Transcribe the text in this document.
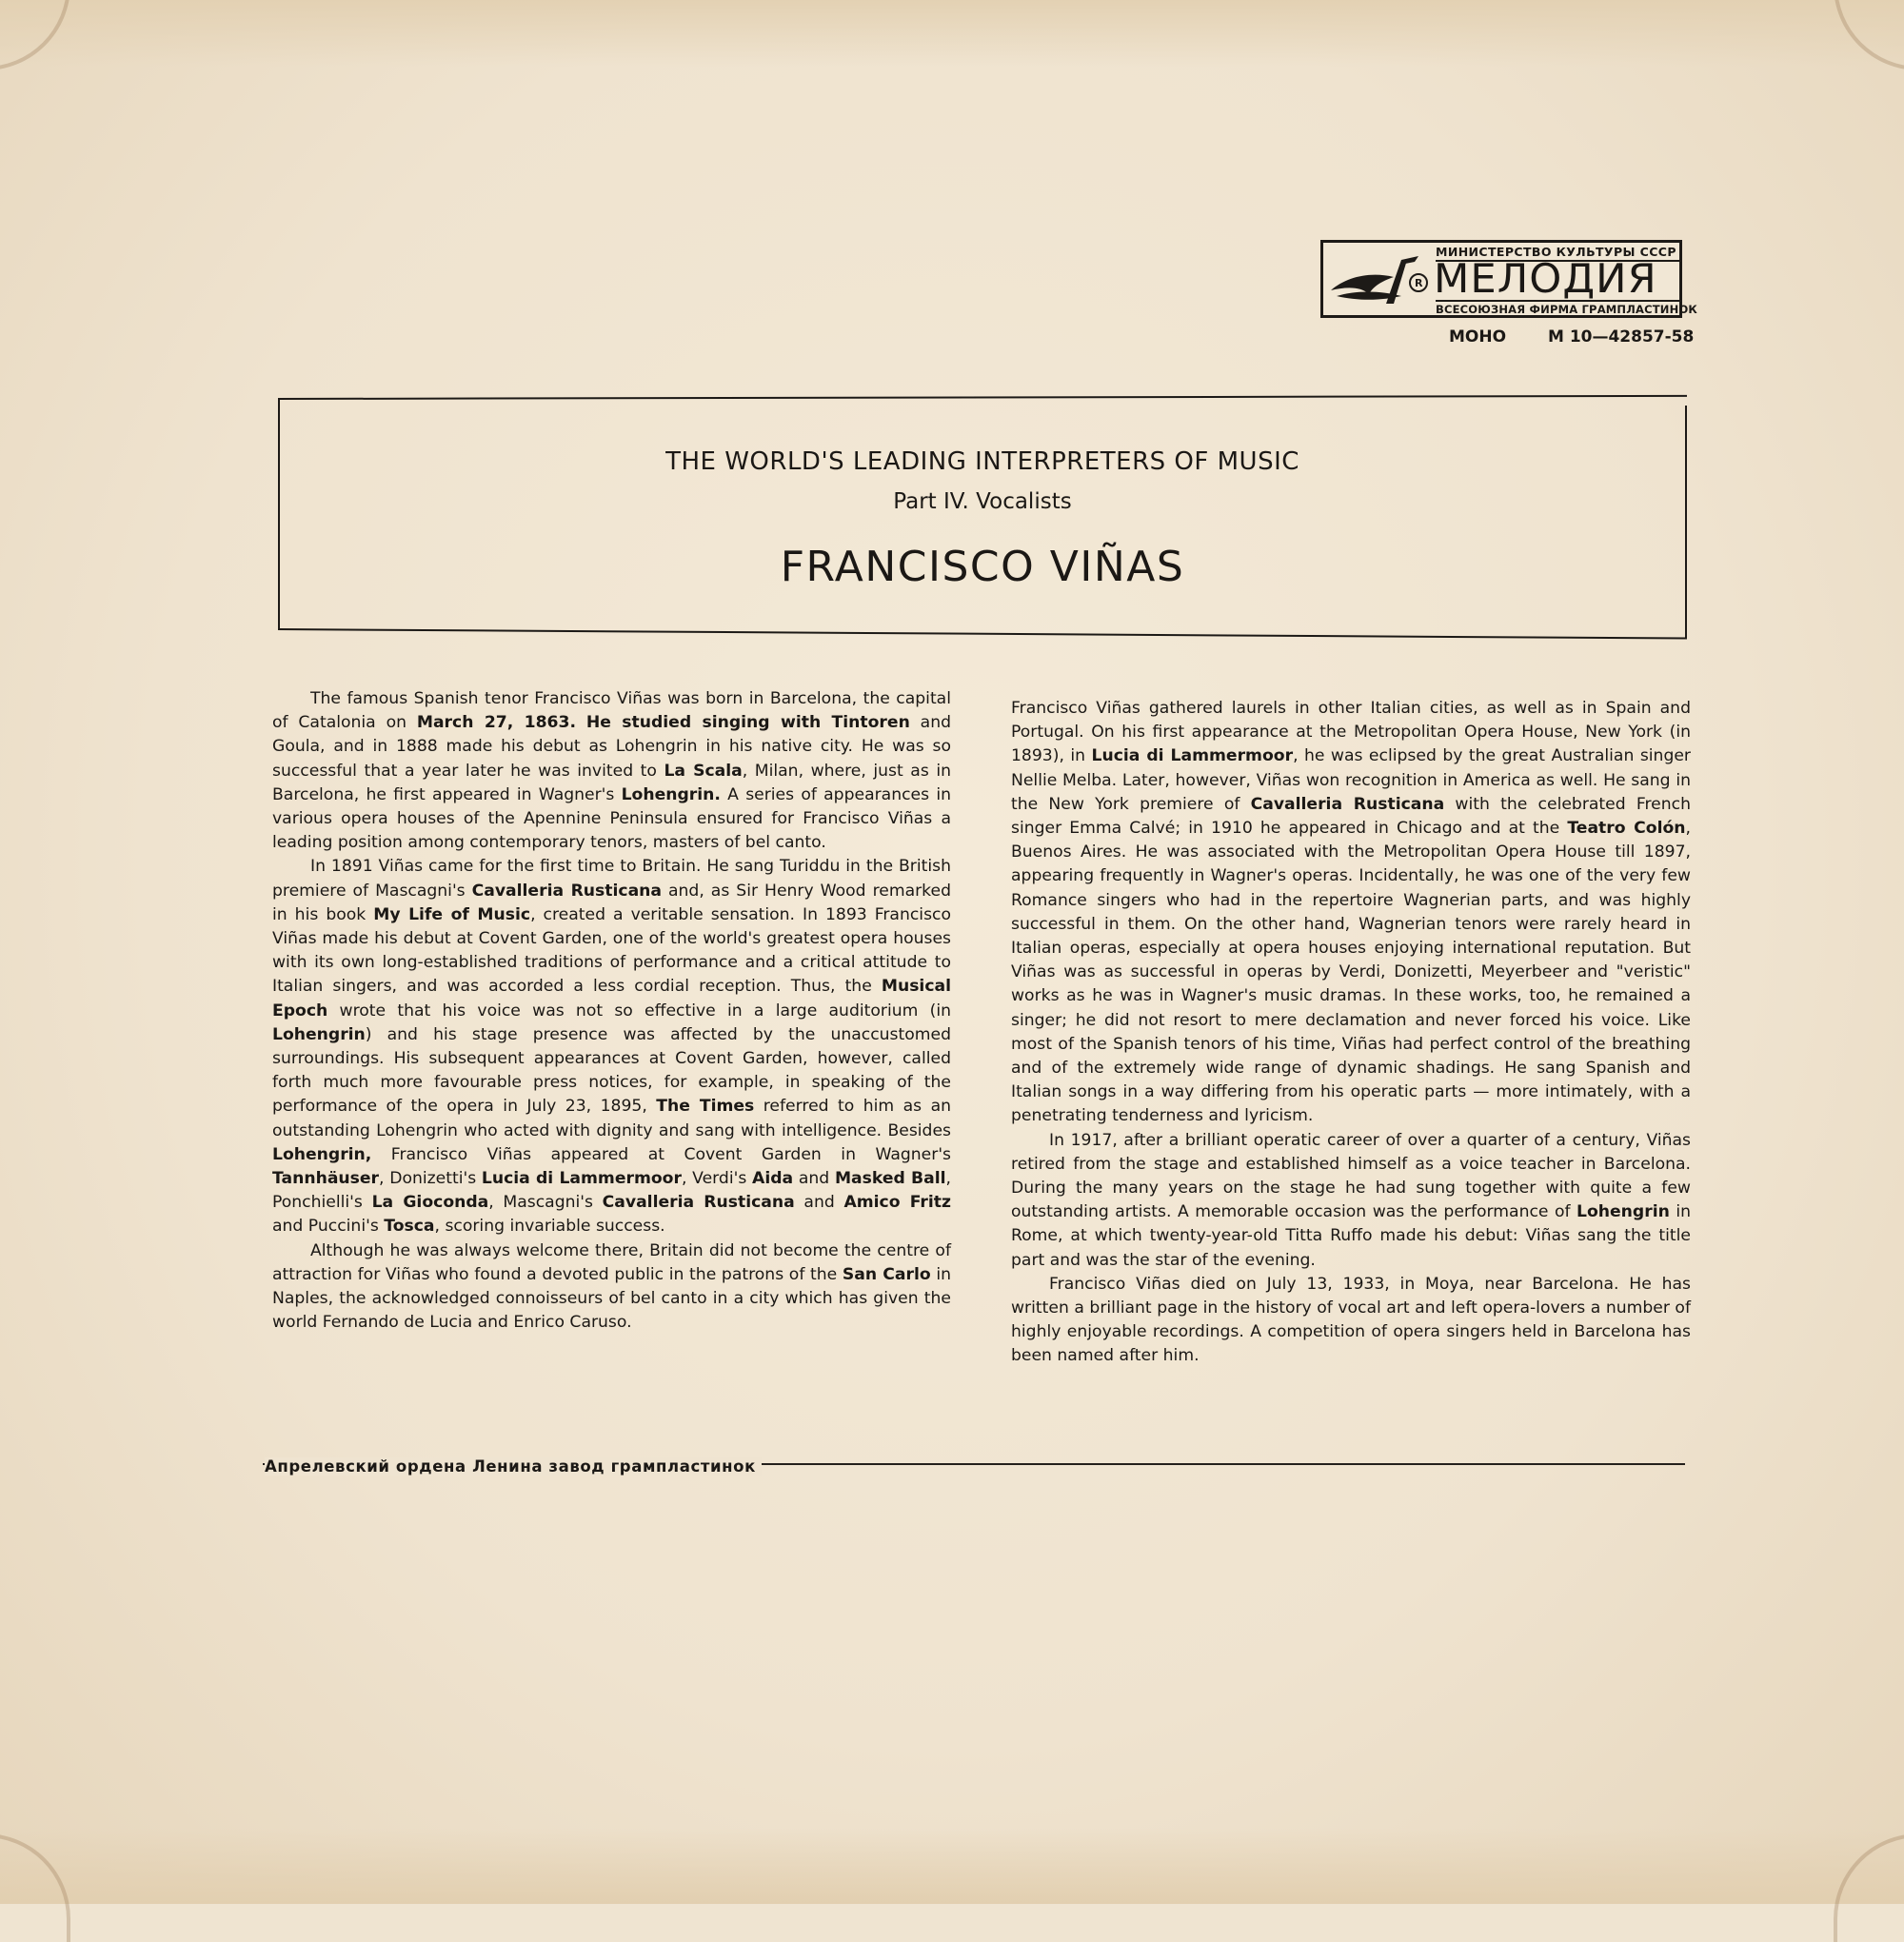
R
МИНИСТЕРСТВО КУЛЬТУРЫ СССР
МЕЛОДИЯ
ВСЕСОЮЗНАЯ ФИРМА ГРАМПЛАСТИНОК
МОНО	М 10—42857-58
THE WORLD'S LEADING INTERPRETERS OF MUSIC
Part IV. Vocalists
FRANCISCO VIÑAS

The famous Spanish tenor Francisco Viñas was born in Barcelona, the capital of Catalonia on March 27, 1863. He studied singing with Tintoren and Goula, and in 1888 made his debut as Lohengrin in his native city. He was so successful that a year later he was invited to La Scala, Milan, where, just as in Barcelona, he first appeared in Wagner's Lohengrin. A series of appearances in various opera houses of the Apennine Peninsula ensured for Francisco Viñas a leading position among contemporary tenors, masters of bel canto.

In 1891 Viñas came for the first time to Britain. He sang Turiddu in the British premiere of Mascagni's Cavalleria Rusticana and, as Sir Henry Wood remarked in his book My Life of Music, created a veritable sensation. In 1893 Francisco Viñas made his debut at Covent Garden, one of the world's greatest opera houses with its own long-established traditions of performance and a critical attitude to Italian singers, and was accorded a less cordial reception. Thus, the Musical Epoch wrote that his voice was not so effective in a large auditorium (in Lohengrin) and his stage presence was affected by the unaccustomed surroundings. His subsequent appearances at Covent Garden, however, called forth much more favourable press notices, for example, in speaking of the performance of the opera in July 23, 1895, The Times referred to him as an outstanding Lohengrin who acted with dignity and sang with intelligence. Besides Lohengrin, Francisco Viñas appeared at Covent Garden in Wagner's Tannhäuser, Donizetti's Lucia di Lammermoor, Verdi's Aida and Masked Ball, Ponchielli's La Gioconda, Mascagni's Cavalleria Rusticana and Amico Fritz and Puccini's Tosca, scoring invariable success.

Although he was always welcome there, Britain did not become the centre of attraction for Viñas who found a devoted public in the patrons of the San Carlo in Naples, the acknowledged connoisseurs of bel canto in a city which has given the world Fernando de Lucia and Enrico Caruso.

Francisco Viñas gathered laurels in other Italian cities, as well as in Spain and Portugal. On his first appearance at the Metropolitan Opera House, New York (in 1893), in Lucia di Lammermoor, he was eclipsed by the great Australian singer Nellie Melba. Later, however, Viñas won recognition in America as well. He sang in the New York premiere of Cavalleria Rusticana with the celebrated French singer Emma Calvé; in 1910 he appeared in Chicago and at the Teatro Colón, Buenos Aires. He was associated with the Metropolitan Opera House till 1897, appearing frequently in Wagner's operas. Incidentally, he was one of the very few Romance singers who had in the repertoire Wagnerian parts, and was highly successful in them. On the other hand, Wagnerian tenors were rarely heard in Italian operas, especially at opera houses enjoying international reputation. But Viñas was as successful in operas by Verdi, Donizetti, Meyerbeer and "veristic" works as he was in Wagner's music dramas. In these works, too, he remained a singer; he did not resort to mere declamation and never forced his voice. Like most of the Spanish tenors of his time, Viñas had perfect control of the breathing and of the extremely wide range of dynamic shadings. He sang Spanish and Italian songs in a way differing from his operatic parts — more intimately, with a penetrating tenderness and lyricism.

In 1917, after a brilliant operatic career of over a quarter of a century, Viñas retired from the stage and established himself as a voice teacher in Barcelona. During the many years on the stage he had sung together with quite a few outstanding artists. A memorable occasion was the performance of Lohengrin in Rome, at which twenty-year-old Titta Ruffo made his debut: Viñas sang the title part and was the star of the evening.

Francisco Viñas died on July 13, 1933, in Moya, near Barcelona. He has written a brilliant page in the history of vocal art and left opera-lovers a number of highly enjoyable recordings. A competition of opera singers held in Barcelona has been named after him.

Апрелевский ордена Ленина завод грампластинок
